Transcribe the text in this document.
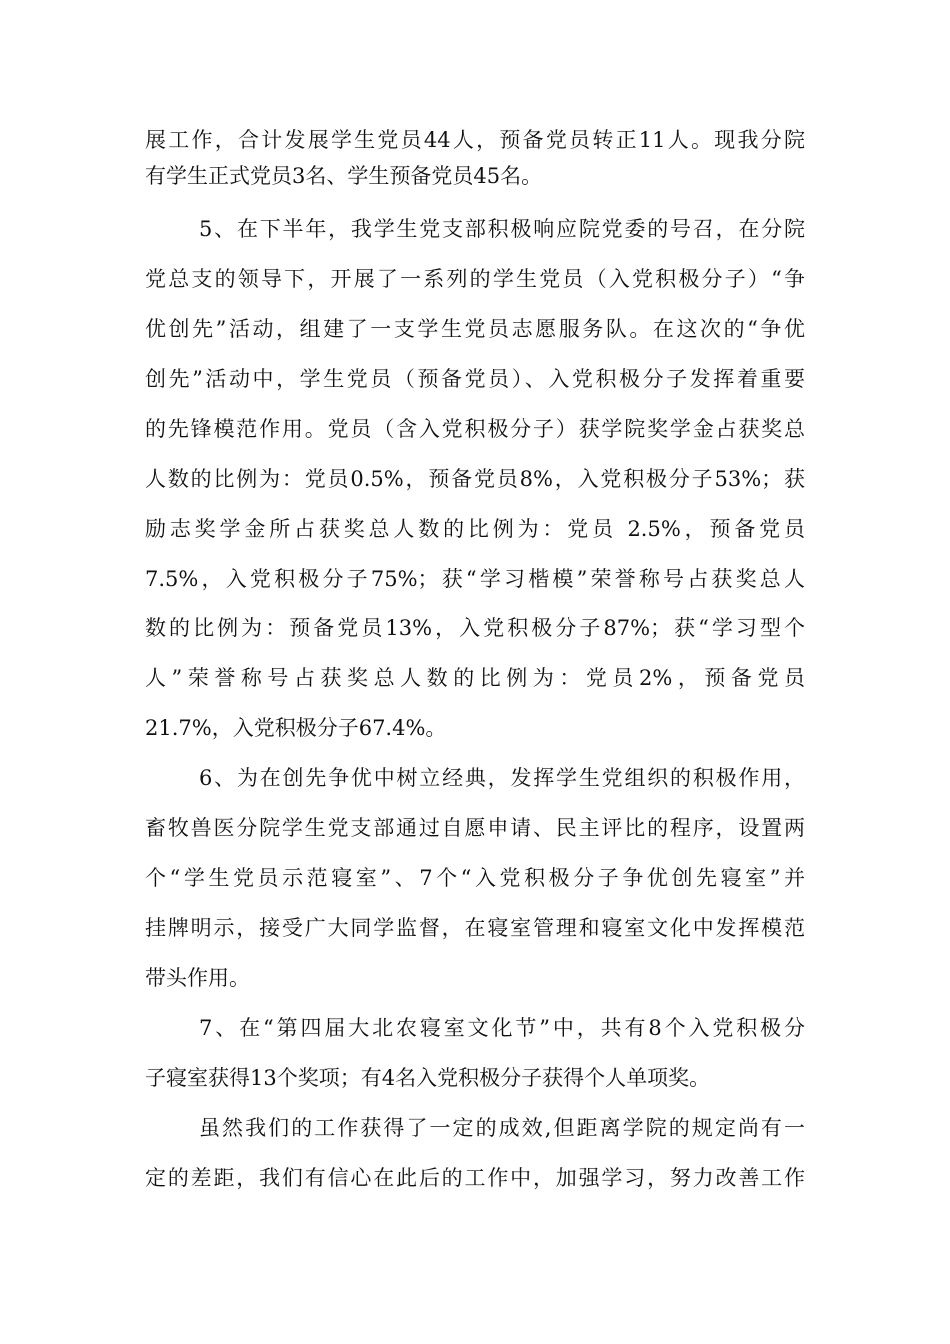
展工作，合计发展学生党员44人，预备党员转正11人。现我分院
有学生正式党员3名、学生预备党员45名。
5、在下半年，我学生党支部积极响应院党委的号召，在分院
党总支的领导下，开展了一系列的学生党员（入党积极分子）“争
优创先”活动，组建了一支学生党员志愿服务队。在这次的“争优
创先”活动中，学生党员（预备党员）、入党积极分子发挥着重要
的先锋模范作用。党员（含入党积极分子）获学院奖学金占获奖总
人数的比例为：党员0.5%，预备党员8%，入党积极分子53%；获
励志奖学金所占获奖总人数的比例为：党员 2.5%，预备党员
7.5%，入党积极分子75%；获“学习楷模”荣誉称号占获奖总人
数的比例为：预备党员13%，入党积极分子87%；获“学习型个
人”荣誉称号占获奖总人数的比例为：党员2%，预备党员
21.7%，入党积极分子67.4%。
6、为在创先争优中树立经典，发挥学生党组织的积极作用，
畜牧兽医分院学生党支部通过自愿申请、民主评比的程序，设置两
个“学生党员示范寝室”、7个“入党积极分子争优创先寝室”并
挂牌明示，接受广大同学监督，在寝室管理和寝室文化中发挥模范
带头作用。
7、在“第四届大北农寝室文化节”中，共有8个入党积极分
子寝室获得13个奖项；有4名入党积极分子获得个人单项奖。
虽然我们的工作获得了一定的成效,但距离学院的规定尚有一
定的差距，我们有信心在此后的工作中，加强学习，努力改善工作
